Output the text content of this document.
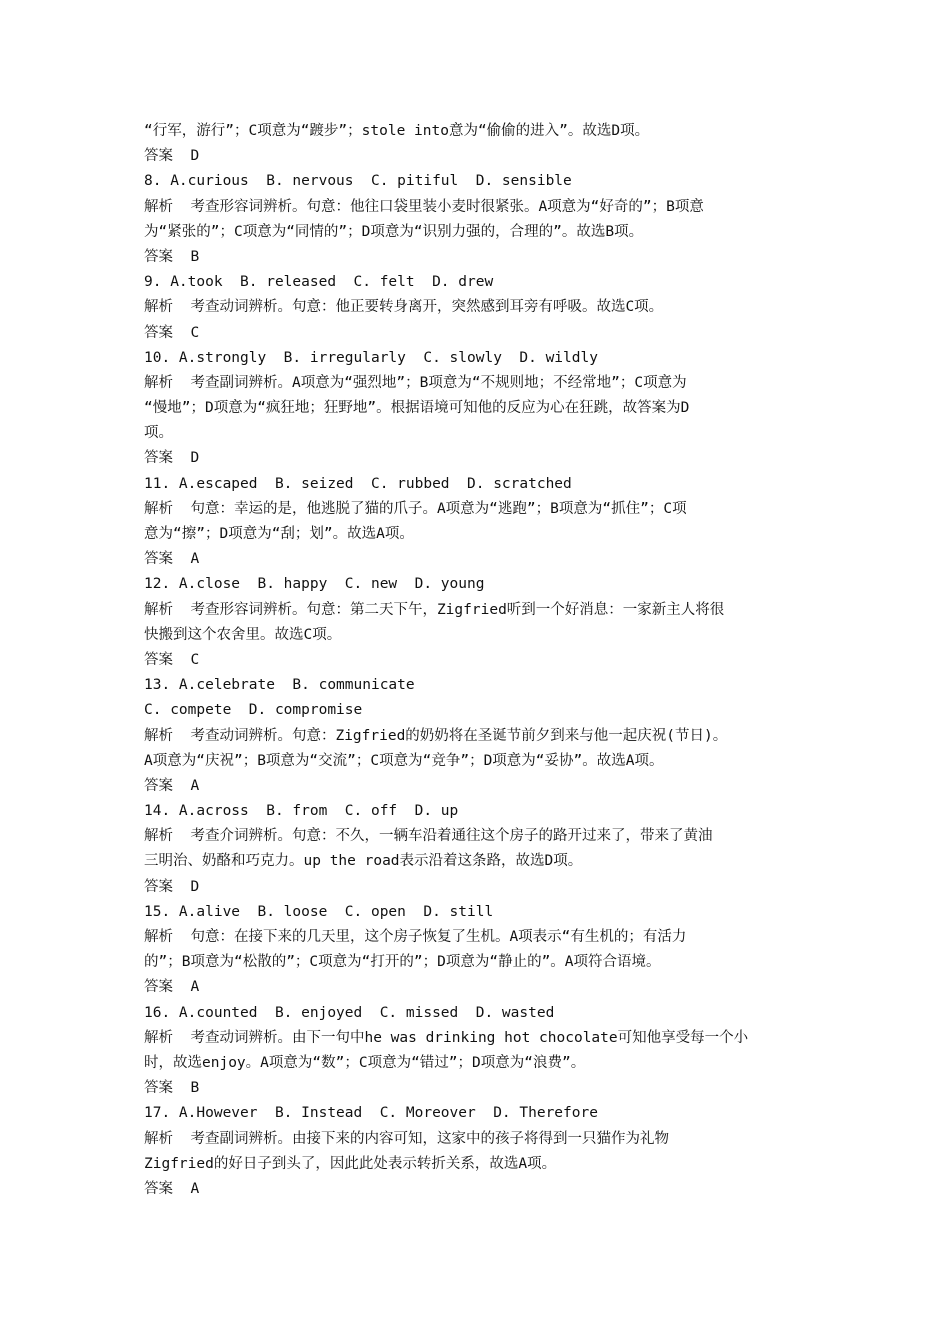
“行军，游行”；C项意为“踱步”；stole into意为“偷偷的进入”。故选D项。
答案  D
8. A.curious  B. nervous  C. pitiful  D. sensible
解析  考查形容词辨析。句意：他往口袋里装小麦时很紧张。A项意为“好奇的”；B项意
为“紧张的”；C项意为“同情的”；D项意为“识别力强的，合理的”。故选B项。
答案  B
9. A.took  B. released  C. felt  D. drew
解析  考查动词辨析。句意：他正要转身离开，突然感到耳旁有呼吸。故选C项。
答案  C
10. A.strongly  B. irregularly  C. slowly  D. wildly
解析  考查副词辨析。A项意为“强烈地”；B项意为“不规则地；不经常地”；C项意为
“慢地”；D项意为“疯狂地；狂野地”。根据语境可知他的反应为心在狂跳，故答案为D
项。
答案  D
11. A.escaped  B. seized  C. rubbed  D. scratched
解析  句意：幸运的是，他逃脱了猫的爪子。A项意为“逃跑”；B项意为“抓住”；C项
意为“擦”；D项意为“刮；划”。故选A项。
答案  A
12. A.close  B. happy  C. new  D. young
解析  考查形容词辨析。句意：第二天下午，Zigfried听到一个好消息：一家新主人将很
快搬到这个农舍里。故选C项。
答案  C
13. A.celebrate  B. communicate
C. compete  D. compromise
解析  考查动词辨析。句意：Zigfried的奶奶将在圣诞节前夕到来与他一起庆祝(节日)。
A项意为“庆祝”；B项意为“交流”；C项意为“竞争”；D项意为“妥协”。故选A项。
答案  A
14. A.across  B. from  C. off  D. up
解析  考查介词辨析。句意：不久，一辆车沿着通往这个房子的路开过来了，带来了黄油
三明治、奶酪和巧克力。up the road表示沿着这条路，故选D项。
答案  D
15. A.alive  B. loose  C. open  D. still
解析  句意：在接下来的几天里，这个房子恢复了生机。A项表示“有生机的；有活力
的”；B项意为“松散的”；C项意为“打开的”；D项意为“静止的”。A项符合语境。
答案  A
16. A.counted  B. enjoyed  C. missed  D. wasted
解析  考查动词辨析。由下一句中he was drinking hot chocolate可知他享受每一个小
时，故选enjoy。A项意为“数”；C项意为“错过”；D项意为“浪费”。
答案  B
17. A.However  B. Instead  C. Moreover  D. Therefore
解析  考查副词辨析。由接下来的内容可知，这家中的孩子将得到一只猫作为礼物
Zigfried的好日子到头了，因此此处表示转折关系，故选A项。
答案  A
